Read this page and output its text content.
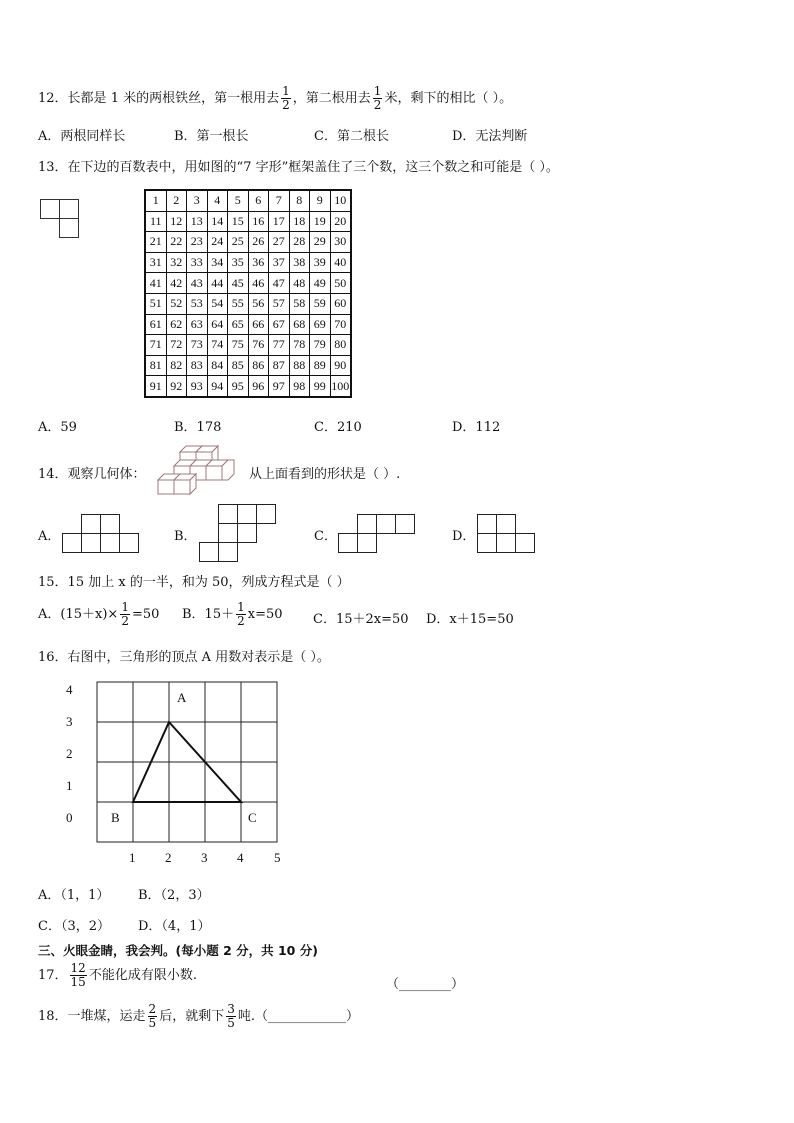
12．长都是 1 米的两根铁丝，第一根用去 $\frac{1}{2}$ ，第二根用去 $\frac{1}{2}$ 米，剩下的相比（ ）。
A．两根同样长	B．第一根长	C．第二根长	D．无法判断
13．在下边的百数表中，用如图的“7 字形”框架盖住了三个数，这三个数之和可能是（ ）。
1	2	3	4	5	6	7	8	9	10
11	12	13	14	15	16	17	18	19	20
21	22	23	24	25	26	27	28	29	30
31	32	33	34	35	36	37	38	39	40
41	42	43	44	45	46	47	48	49	50
51	52	53	54	55	56	57	58	59	60
61	62	63	64	65	66	67	68	69	70
71	72	73	74	75	76	77	78	79	80
81	82	83	84	85	86	87	88	89	90
91	92	93	94	95	96	97	98	99	100
A．59	B．178	C．210	D．112
14．观察几何体：	从上面看到的形状是（ ）.
A．	B．	C．	D．
15．15 加上 x 的一半，和为 50，列成方程式是（ ）
A．$(15+x)\times \frac{1}{2} =50$ B．$15+ \frac{1}{2} x=50$ C．15＋2x=50 D．x＋15=50
16．右图中，三角形的顶点 A 用数对表示是（ ）。
4
3
2
1
0
1 2 3 4 5
A
B	C
A．（1，1） B．（2，3）
C．（3，2） D．（4，1）
三、火眼金睛，我会判。(每小题 2 分，共 10 分)
17． $\frac{12}{15}$ 不能化成有限小数.
（________）
18．一堆煤，运走 $\frac{2}{5}$ 后，就剩下 $\frac{3}{5}$ 吨.（____________）
